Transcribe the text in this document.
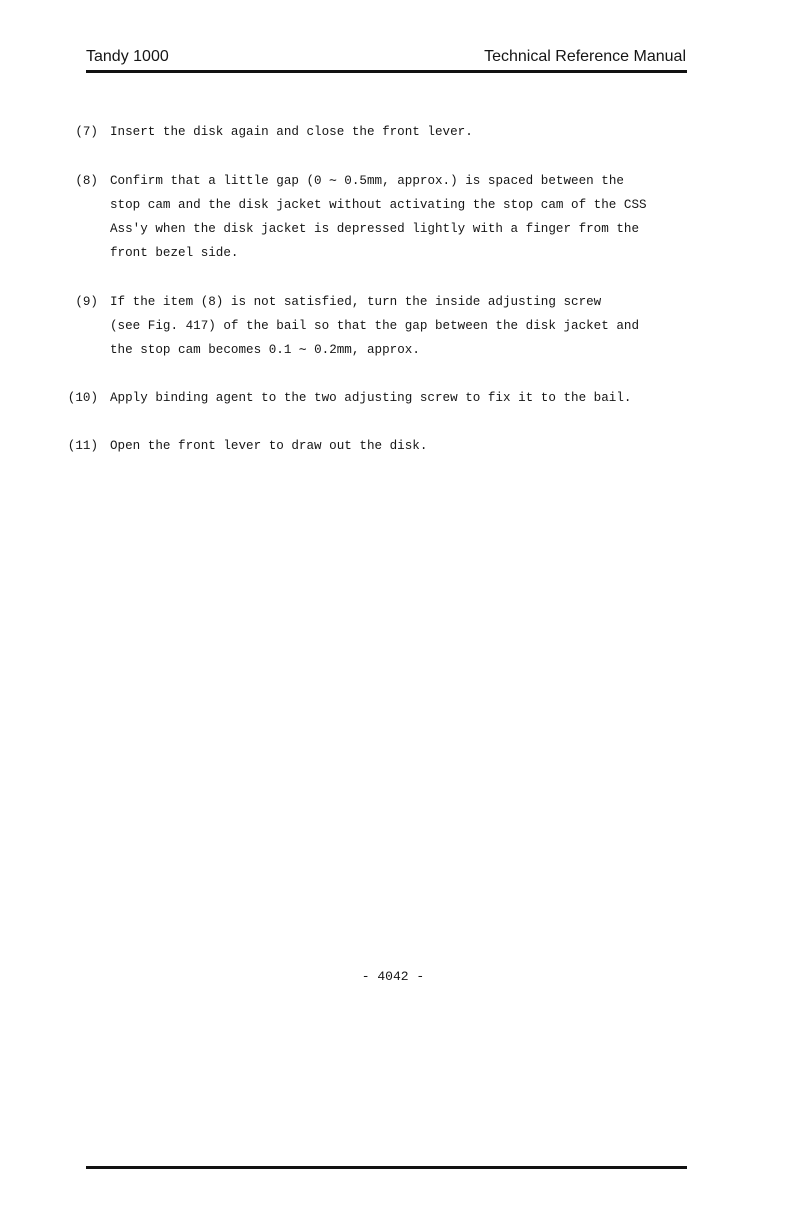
Tandy 1000	Technical Reference Manual
(7) Insert the disk again and close the front lever.
(8) Confirm that a little gap (0 ∼ 0.5mm, approx.) is spaced between the
stop cam and the disk jacket without activating the stop cam of the CSS
Ass'y when the disk jacket is depressed lightly with a finger from the
front bezel side.
(9) If the item (8) is not satisfied, turn the inside adjusting screw
(see Fig. 417) of the bail so that the gap between the disk jacket and
the stop cam becomes 0.1 ∼ 0.2mm, approx.
(10) Apply binding agent to the two adjusting screw to fix it to the bail.
(11) Open the front lever to draw out the disk.
- 4042 -
